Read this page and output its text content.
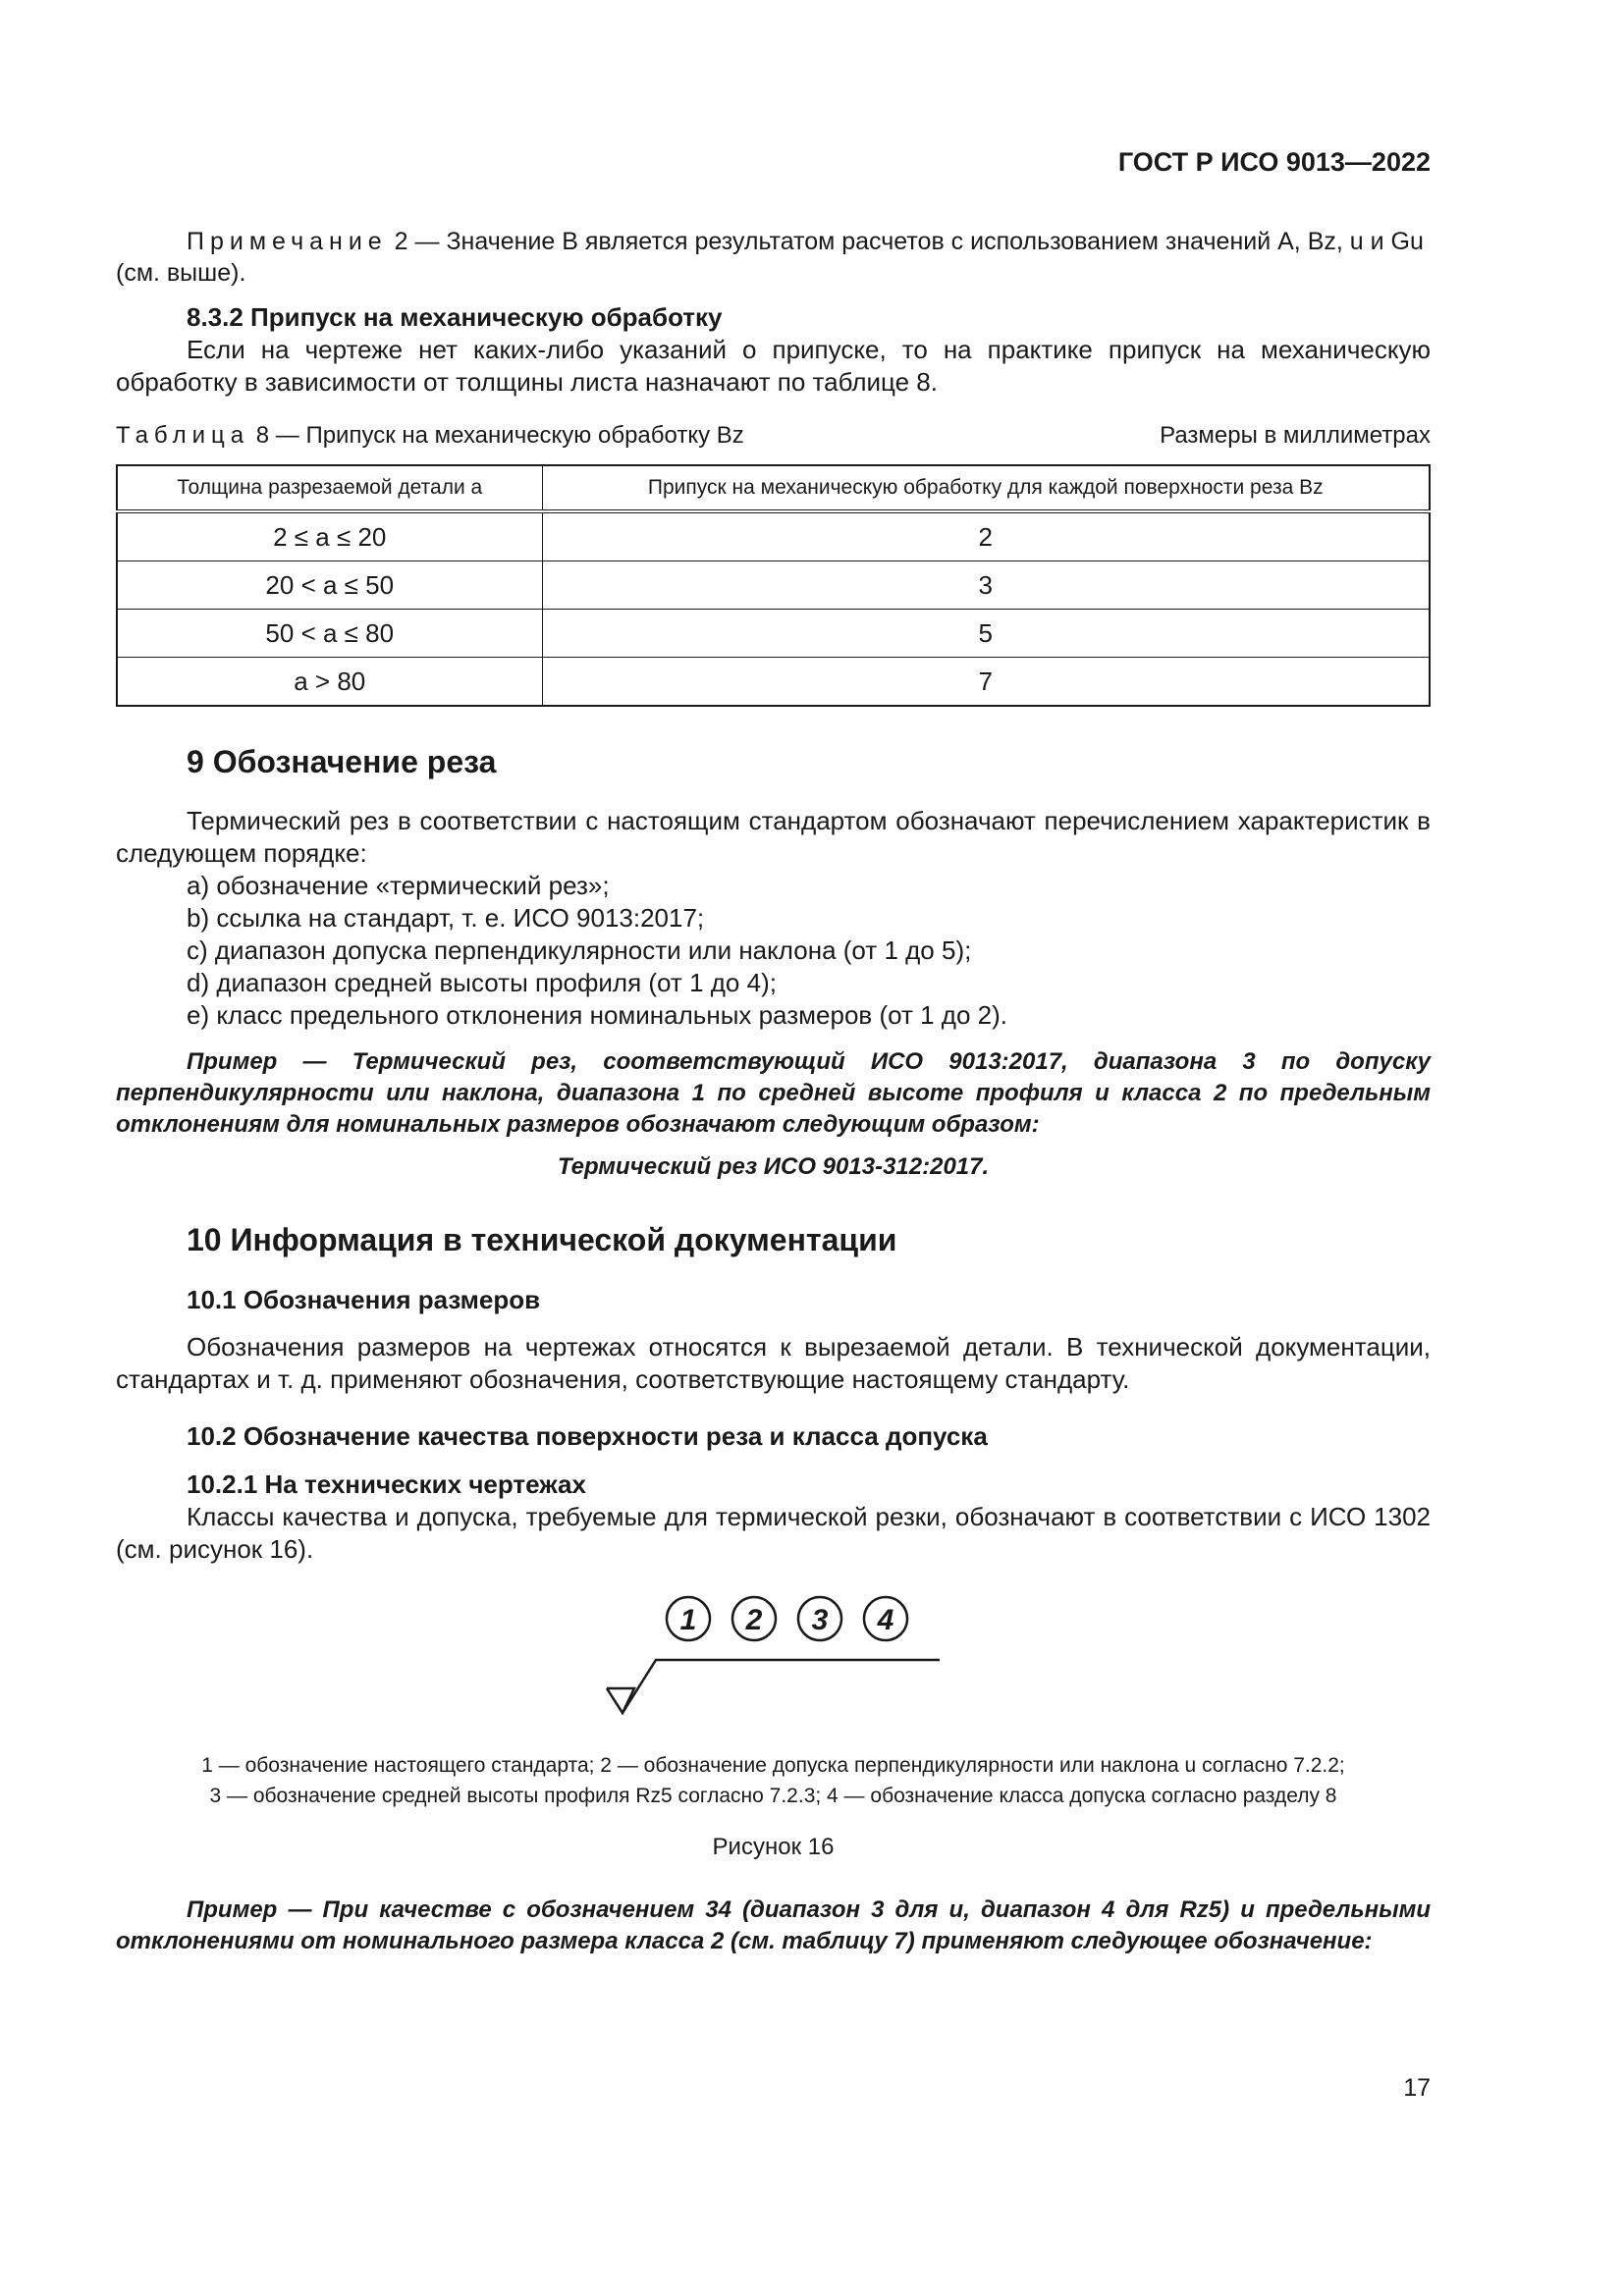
ГОСТ Р ИСО 9013—2022
Примечание 2 — Значение B является результатом расчетов с использованием значений A, Bz, u и Gu
(см. выше).
8.3.2 Припуск на механическую обработку
Если на чертеже нет каких-либо указаний о припуске, то на практике припуск на механическую обработку в зависимости от толщины листа назначают по таблице 8.
Таблица 8 — Припуск на механическую обработку Bz	Размеры в миллиметрах
Толщина разрезаемой детали a	Припуск на механическую обработку для каждой поверхности реза Bz
2 ≤ a ≤ 20	2
20 < a ≤ 50	3
50 < a ≤ 80	5
a > 80	7
9 Обозначение реза
Термический рез в соответствии с настоящим стандартом обозначают перечислением характеристик в следующем порядке:
a) обозначение «термический рез»;
b) ссылка на стандарт, т. е. ИСО 9013:2017;
c) диапазон допуска перпендикулярности или наклона (от 1 до 5);
d) диапазон средней высоты профиля (от 1 до 4);
e) класс предельного отклонения номинальных размеров (от 1 до 2).
Пример — Термический рез, соответствующий ИСО 9013:2017, диапазона 3 по допуску перпендикулярности или наклона, диапазона 1 по средней высоте профиля и класса 2 по предельным отклонениям для номинальных размеров обозначают следующим образом:
Термический рез ИСО 9013-312:2017.
10 Информация в технической документации
10.1 Обозначения размеров
Обозначения размеров на чертежах относятся к вырезаемой детали. В технической документации, стандартах и т. д. применяют обозначения, соответствующие настоящему стандарту.
10.2 Обозначение качества поверхности реза и класса допуска
10.2.1 На технических чертежах
Классы качества и допуска, требуемые для термической резки, обозначают в соответствии с ИСО 1302 (см. рисунок 16).
1 2 3 4
1 — обозначение настоящего стандарта; 2 — обозначение допуска перпендикулярности или наклона u согласно 7.2.2;
3 — обозначение средней высоты профиля Rz5 согласно 7.2.3; 4 — обозначение класса допуска согласно разделу 8
Рисунок 16
Пример — При качестве с обозначением 34 (диапазон 3 для u, диапазон 4 для Rz5) и предельными отклонениями от номинального размера класса 2 (см. таблицу 7) применяют следующее обозначение:
17
